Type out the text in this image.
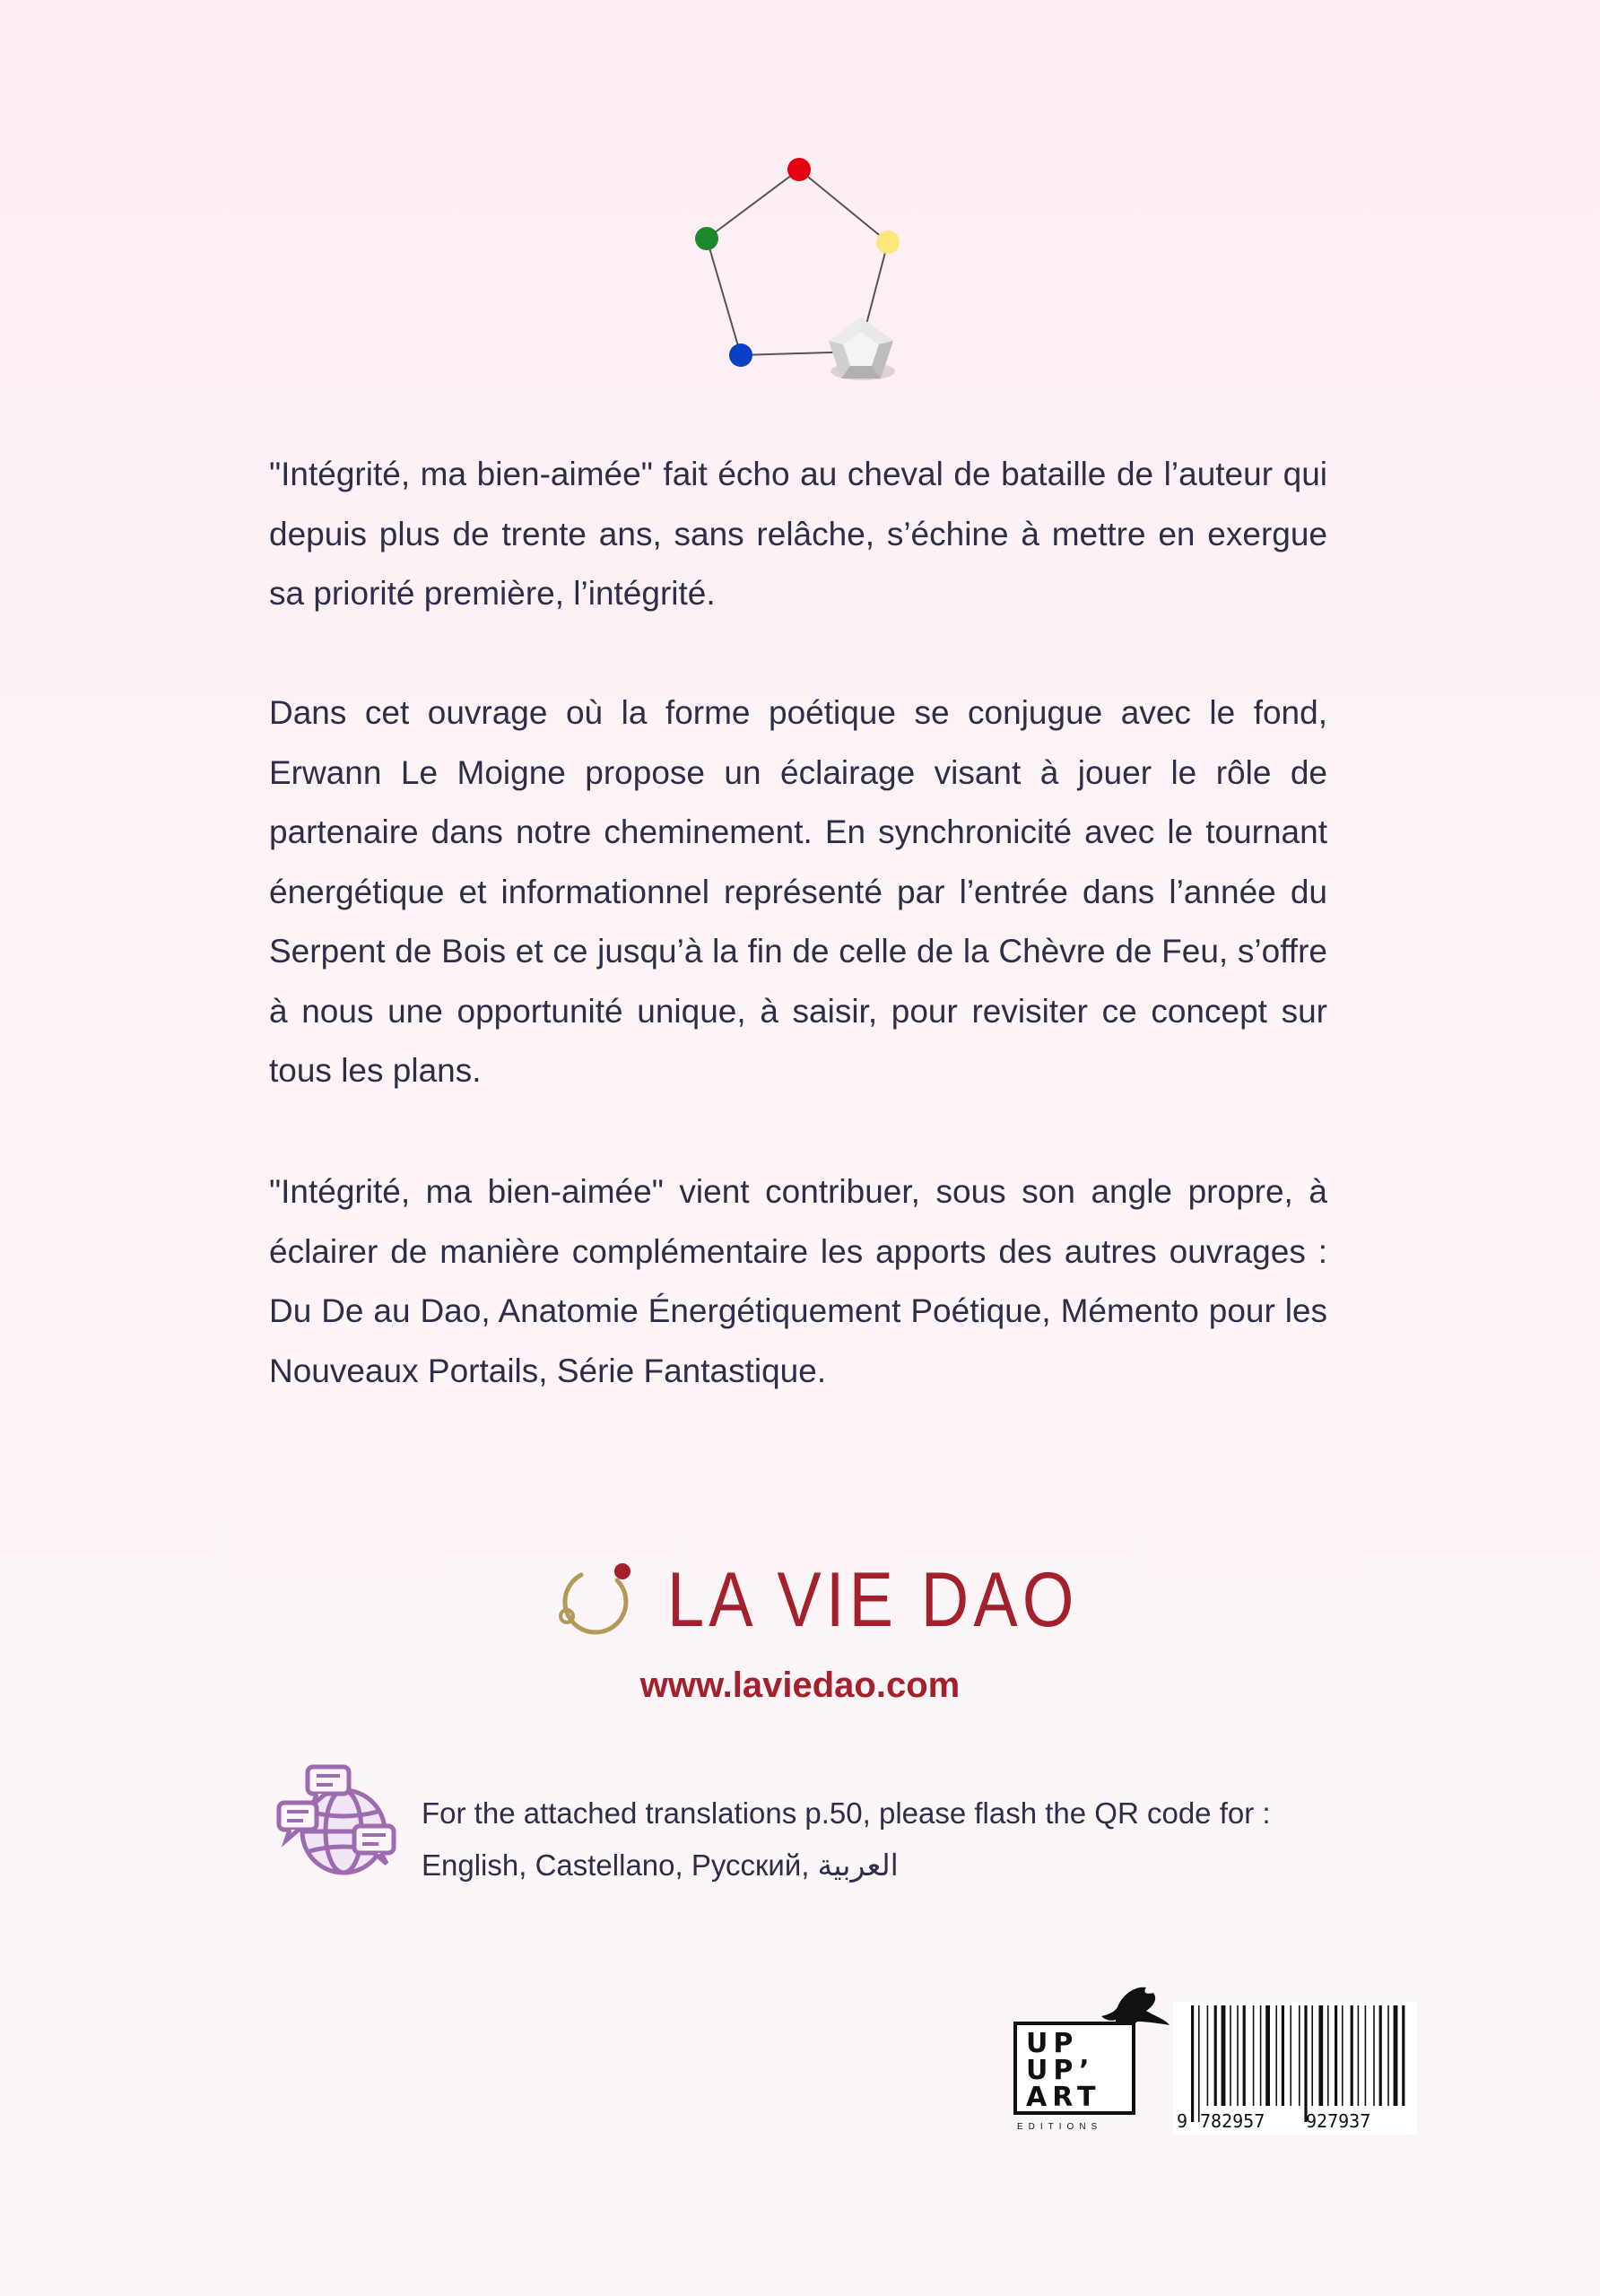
"Intégrité, ma bien-aimée" fait écho au cheval de bataille de l’auteur qui depuis plus de trente ans, sans relâche, s’échine à mettre en exergue sa priorité première, l’intégrité.

Dans cet ouvrage où la forme poétique se conjugue avec le fond, Erwann Le Moigne propose un éclairage visant à jouer le rôle de partenaire dans notre cheminement. En synchronicité avec le tournant énergétique et informationnel représenté par l’entrée dans l’année du Serpent de Bois et ce jusqu’à la fin de celle de la Chèvre de Feu, s’offre à nous une opportunité unique, à saisir, pour revisiter ce concept sur tous les plans.

"Intégrité, ma bien-aimée" vient contribuer, sous son angle propre, à éclairer de manière complémentaire les apports des autres ouvrages : Du De au Dao, Anatomie Énergétiquement Poétique, Mémento pour les Nouveaux Portails, Série Fantastique.

LA VIE DAO
www.laviedao.com
For the attached translations p.50, please flash the QR code for :
English, Castellano, Русский, العربية
UP
UP’
ART
EDITIONS	9 782957 927937
